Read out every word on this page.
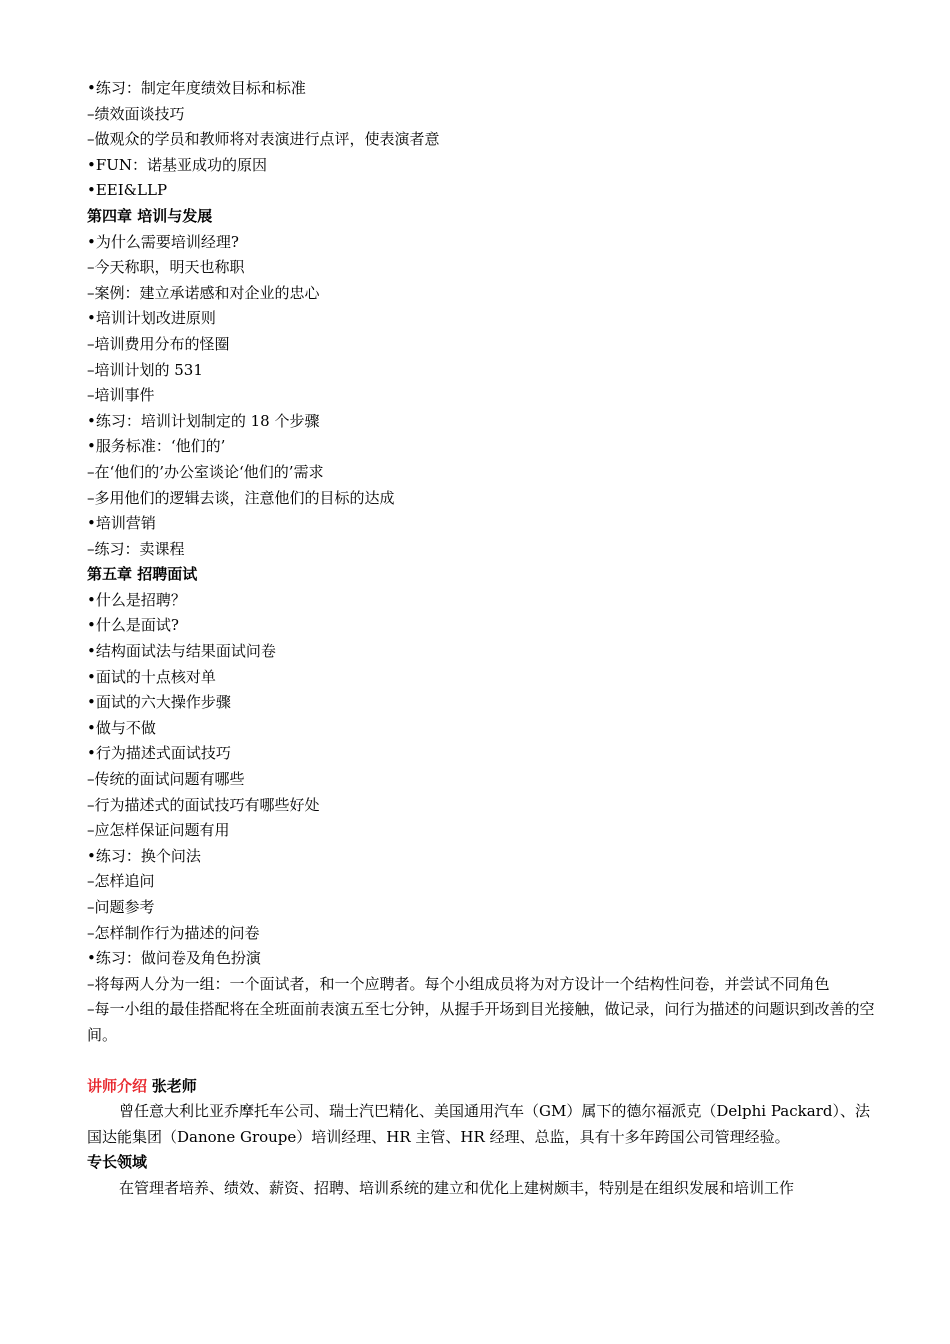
•练习：制定年度绩效目标和标准
–绩效面谈技巧
–做观众的学员和教师将对表演进行点评，使表演者意
•FUN：诺基亚成功的原因
•EEI&LLP
第四章 培训与发展
•为什么需要培训经理?
–今天称职，明天也称职
–案例：建立承诺感和对企业的忠心
•培训计划改进原则
–培训费用分布的怪圈
–培训计划的 531
–培训事件
•练习：培训计划制定的 18 个步骤
•服务标准：‘他们的’
–在‘他们的’办公室谈论‘他们的’需求
–多用他们的逻辑去谈，注意他们的目标的达成
•培训营销
–练习：卖课程
第五章 招聘面试
•什么是招聘？
•什么是面试?
•结构面试法与结果面试问卷
•面试的十点核对单
•面试的六大操作步骤
•做与不做
•行为描述式面试技巧
–传统的面试问题有哪些
–行为描述式的面试技巧有哪些好处
–应怎样保证问题有用
•练习：换个问法
–怎样追问
–问题参考
–怎样制作行为描述的问卷
•练习：做问卷及角色扮演
–将每两人分为一组：一个面试者，和一个应聘者。每个小组成员将为对方设计一个结构性问卷，并尝试不同角色
–每一小组的最佳搭配将在全班面前表演五至七分钟，从握手开场到目光接触，做记录，问行为描述的问题识到改善的空间。
讲师介绍 张老师
曾任意大利比亚乔摩托车公司、瑞士汽巴精化、美国通用汽车（GM）属下的德尔福派克（Delphi Packard）、法国达能集团（Danone Groupe）培训经理、HR 主管、HR 经理、总监，具有十多年跨国公司管理经验。
专长领域
在管理者培养、绩效、薪资、招聘、培训系统的建立和优化上建树颇丰，特别是在组织发展和培训工作
